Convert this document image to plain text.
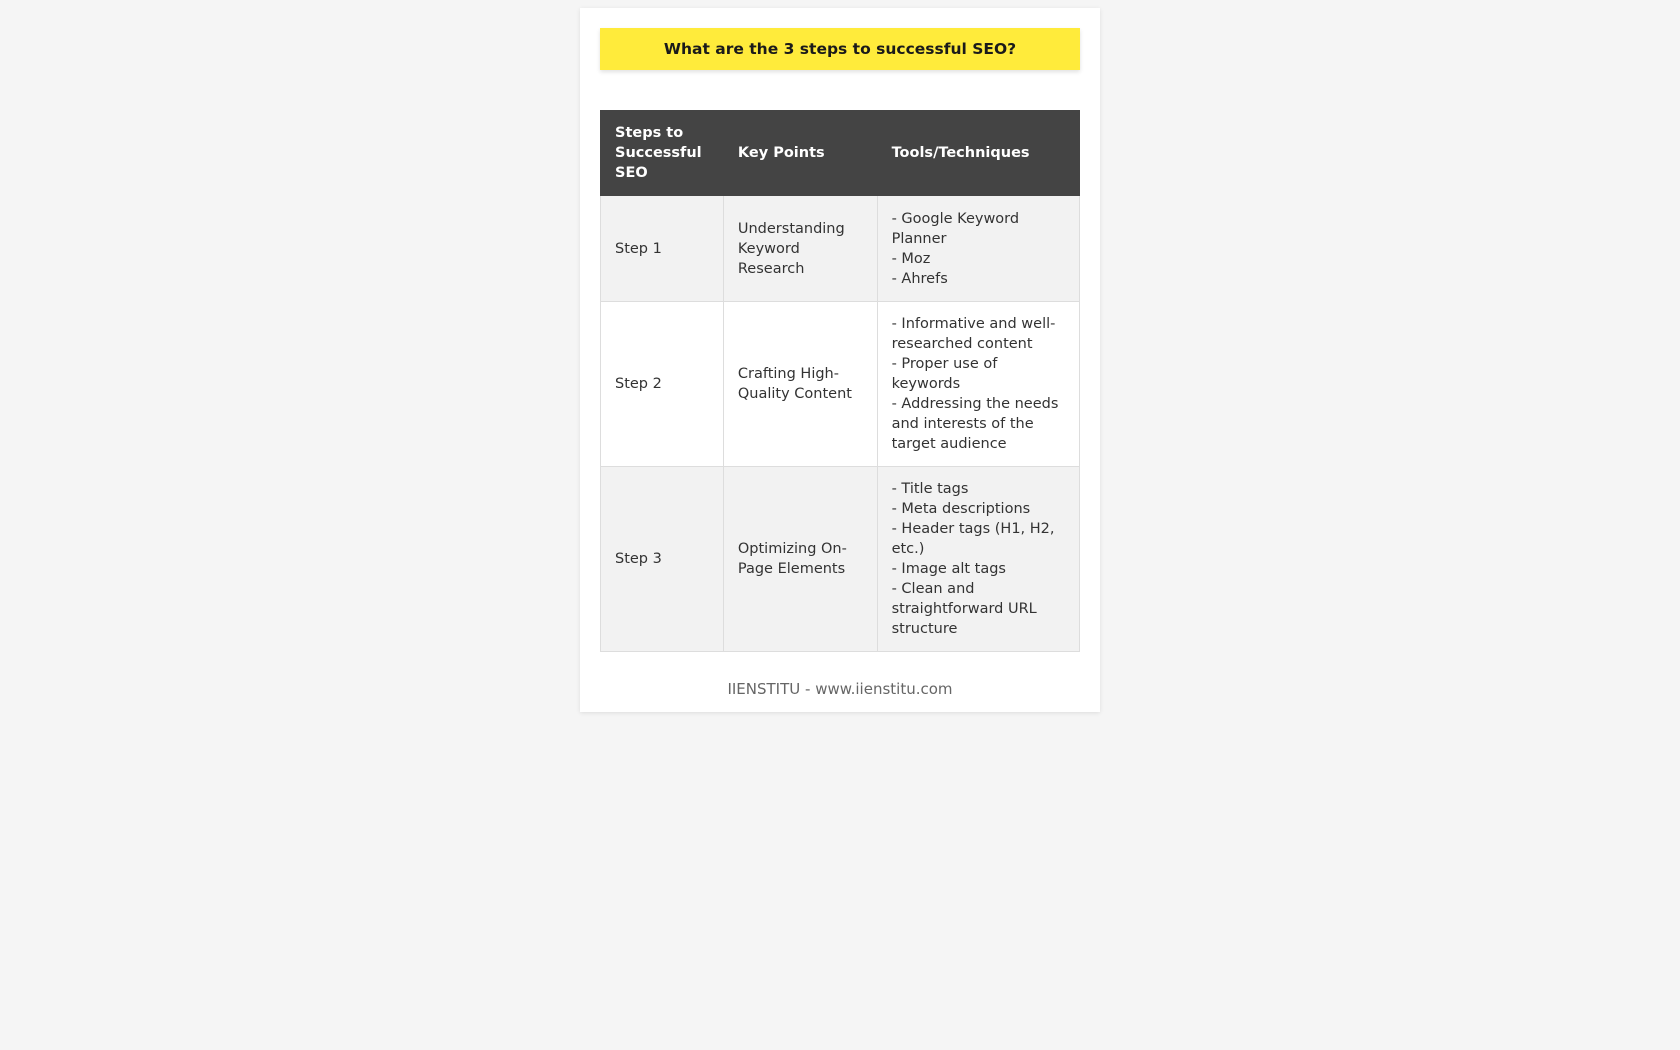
What are the 3 steps to successful SEO?
Steps to Successful SEO	Key Points	Tools/Techniques
Step 1	Understanding Keyword Research	- Google Keyword Planner
- Moz
- Ahrefs

Step 2	Crafting High-Quality Content	- Informative and well-researched content
- Proper use of keywords
- Addressing the needs and interests of the target audience

Step 3	Optimizing On-Page Elements	- Title tags
- Meta descriptions
- Header tags (H1, H2, etc.)
- Image alt tags
- Clean and straightforward URL structure
IIENSTITU - www.iienstitu.com
